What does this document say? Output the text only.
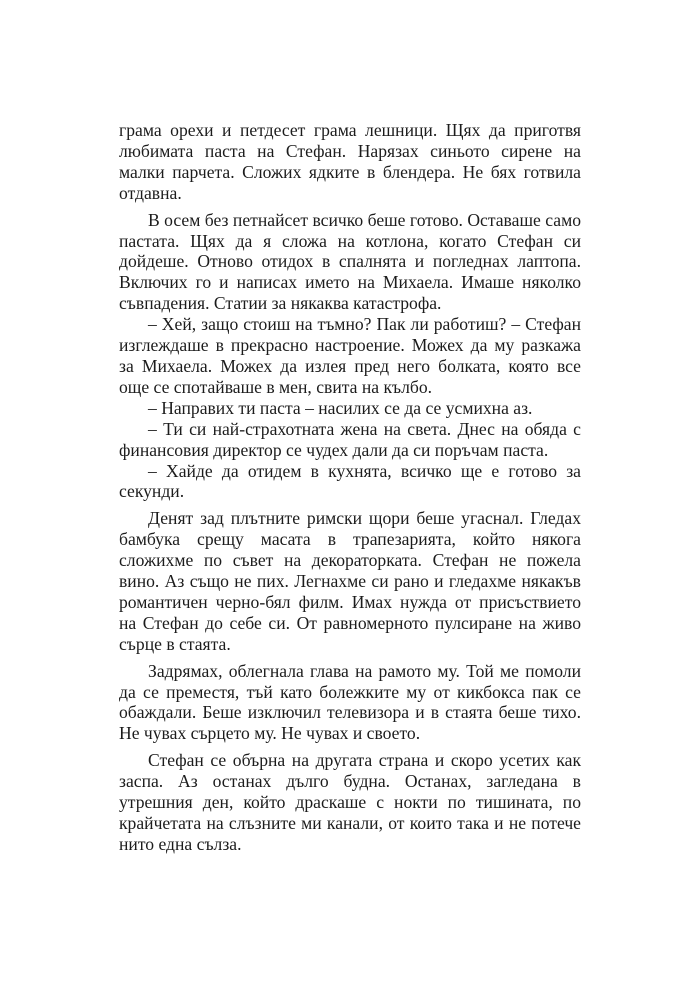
грама орехи и петдесет грама лешници. Щях да приготвя любимата паста на Стефан. Нарязах синьото сирене на малки парчета. Сложих ядките в блендера. Не бях готвила отдавна.

В осем без петнайсет всичко беше готово. Оставаше само пастата. Щях да я сложа на котлона, когато Стефан си дойдеше. Отново отидох в спалнята и погледнах лаптопа. Включих го и написах името на Михаела. Имаше няколко съвпадения. Статии за някаква катастрофа.

– Хей, защо стоиш на тъмно? Пак ли работиш? – Стефан изглеждаше в прекрасно настроение. Можех да му разкажа за Михаела. Можех да излея пред него болката, която все още се спотайваше в мен, свита на кълбо.

– Направих ти паста – насилих се да се усмихна аз.

– Ти си най-страхотната жена на света. Днес на обяда с финансовия директор се чудех дали да си поръчам паста.

– Хайде да отидем в кухнята, всичко ще е готово за секунди.

Денят зад плътните римски щори беше угаснал. Гледах бамбука срещу масата в трапезарията, който някога сложихме по съвет на декораторката. Стефан не пожела вино. Аз също не пих. Легнахме си рано и гледахме някакъв романтичен черно-бял филм. Имах нужда от присъствието на Стефан до себе си. От равномерното пулсиране на живо сърце в стаята.

Задрямах, облегнала глава на рамото му. Той ме помоли да се преместя, тъй като болежките му от кикбокса пак се обаждали. Беше изключил телевизора и в стаята беше тихо. Не чувах сърцето му. Не чувах и своето.

Стефан се обърна на другата страна и скоро усетих как заспа. Аз останах дълго будна. Останах, загледана в утрешния ден, който драскаше с нокти по тишината, по крайчетата на слъзните ми канали, от които така и не потече нито една сълза.
